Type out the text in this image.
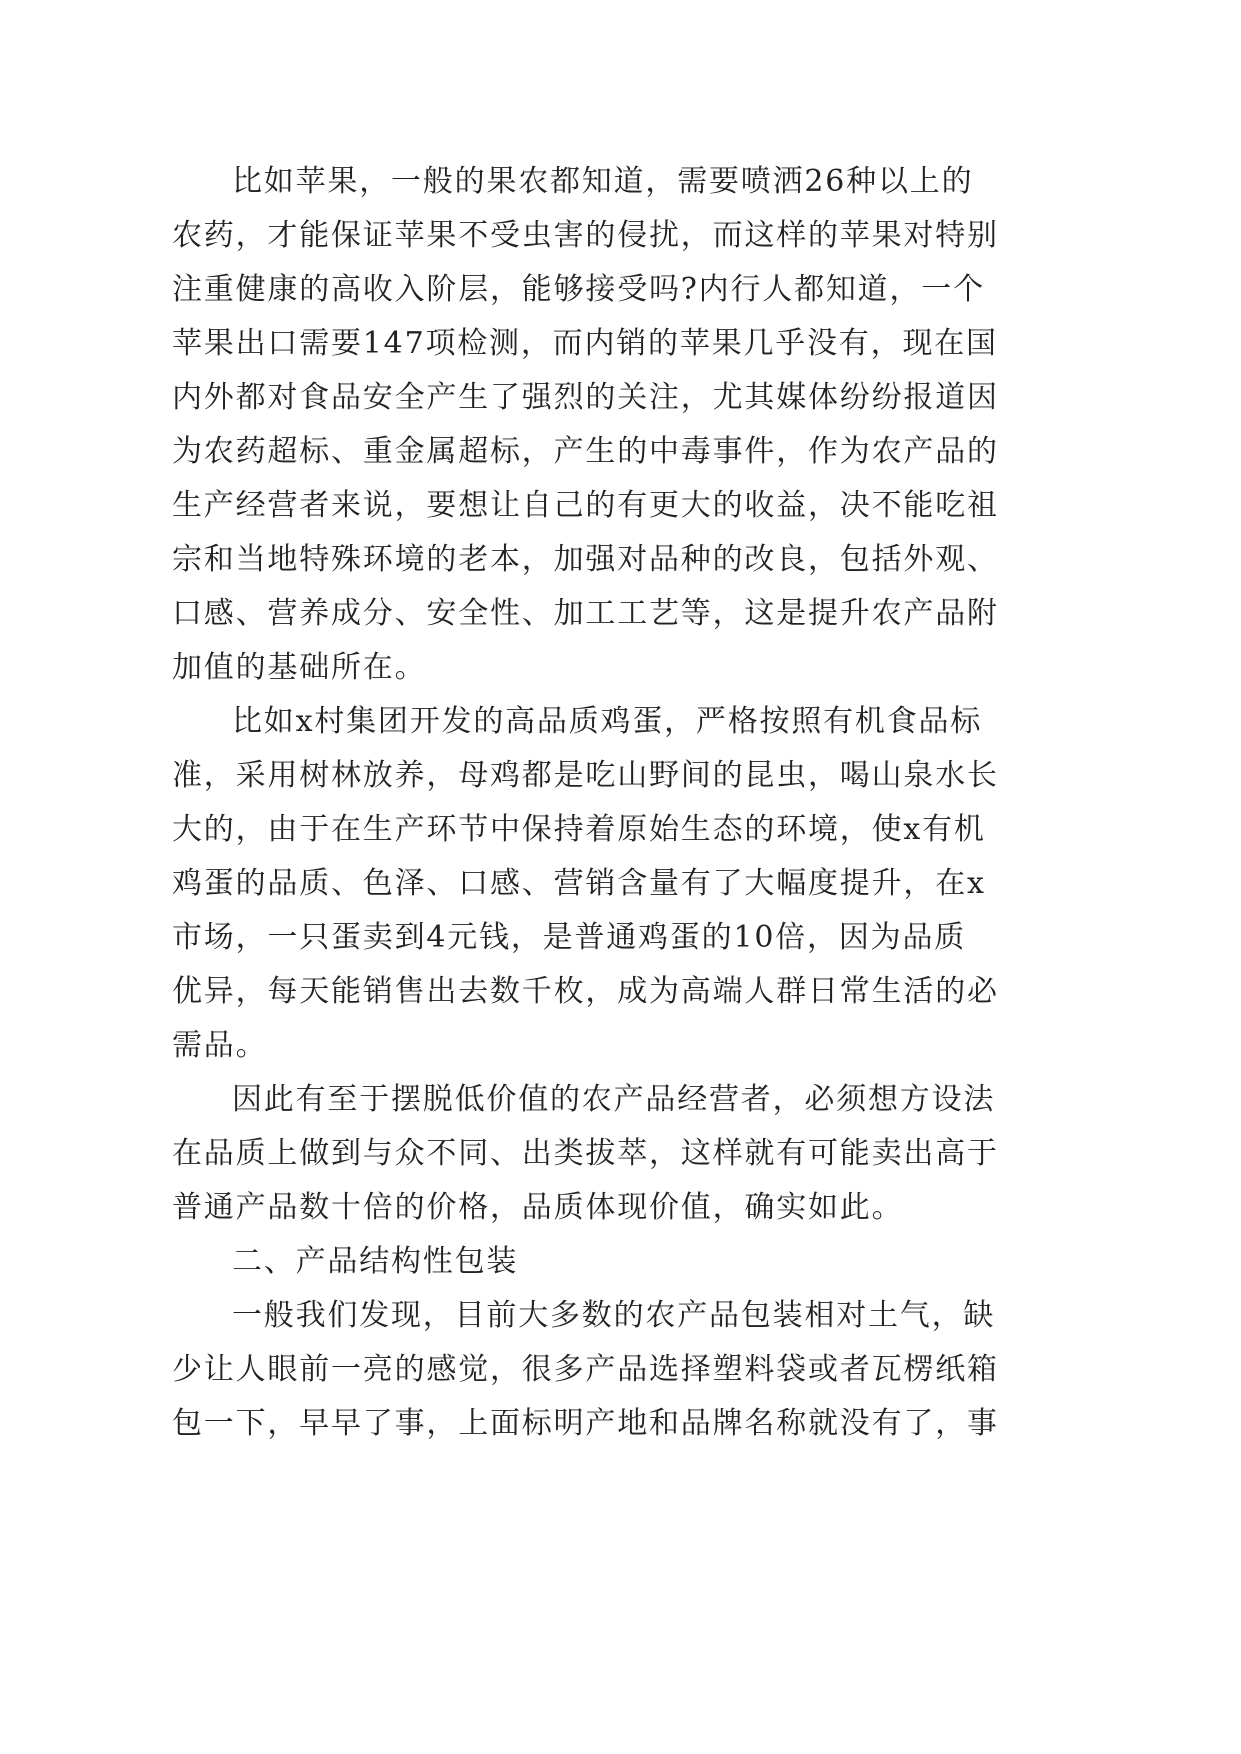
比如苹果，一般的果农都知道，需要喷洒26种以上的
农药，才能保证苹果不受虫害的侵扰，而这样的苹果对特别
注重健康的高收入阶层，能够接受吗?内行人都知道，一个
苹果出口需要147项检测，而内销的苹果几乎没有，现在国
内外都对食品安全产生了强烈的关注，尤其媒体纷纷报道因
为农药超标、重金属超标，产生的中毒事件，作为农产品的
生产经营者来说，要想让自己的有更大的收益，决不能吃祖
宗和当地特殊环境的老本，加强对品种的改良，包括外观、
口感、营养成分、安全性、加工工艺等，这是提升农产品附
加值的基础所在。
比如x村集团开发的高品质鸡蛋，严格按照有机食品标
准，采用树林放养，母鸡都是吃山野间的昆虫，喝山泉水长
大的，由于在生产环节中保持着原始生态的环境，使x有机
鸡蛋的品质、色泽、口感、营销含量有了大幅度提升，在x
市场，一只蛋卖到4元钱，是普通鸡蛋的10倍，因为品质
优异，每天能销售出去数千枚，成为高端人群日常生活的必
需品。
因此有至于摆脱低价值的农产品经营者，必须想方设法
在品质上做到与众不同、出类拔萃，这样就有可能卖出高于
普通产品数十倍的价格，品质体现价值，确实如此。
二、产品结构性包装
一般我们发现，目前大多数的农产品包装相对土气，缺
少让人眼前一亮的感觉，很多产品选择塑料袋或者瓦楞纸箱
包一下，早早了事，上面标明产地和品牌名称就没有了，事
